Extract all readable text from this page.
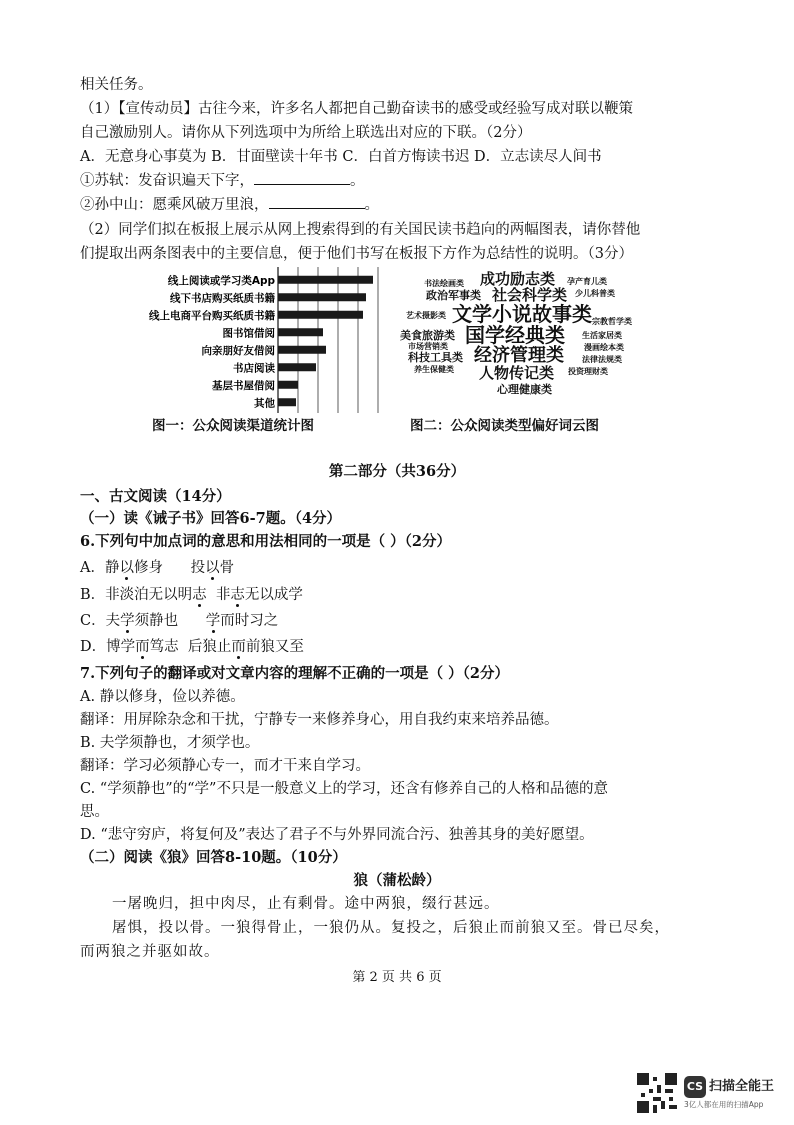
相关任务。
（1）【宣传动员】古往今来，许多名人都把自己勤奋读书的感受或经验写成对联以鞭策
自己激励别人。请你从下列选项中为所给上联选出对应的下联。（2分）
A．无意身心事莫为 B．甘面壁读十年书 C．白首方悔读书迟 D．立志读尽人间书
①苏轼：发奋识遍天下字，	。
②孙中山：愿乘风破万里浪，	。
（2）同学们拟在板报上展示从网上搜索得到的有关国民读书趋向的两幅图表，请你替他
们提取出两条图表中的主要信息，便于他们书写在板报下方作为总结性的说明。（3分）
线上阅读或学习类App
线下书店购买纸质书籍
线上电商平台购买纸质书籍
图书馆借阅
向亲朋好友借阅
书店阅读
基层书屋借阅
其他
图一：公众阅读渠道统计图
书法绘画类 成功励志类 孕产育儿类
政治军事类 社会科学类 少儿科普类
艺术摄影类 文学小说故事类
美食旅游类 国学经典类
宗教哲学类
市场营销类
生活家居类
科技工具类 经济管理类	漫画绘本类
法律法规类
养生保健类 人物传记类 投资理财类
心理健康类
图二：公众阅读类型偏好词云图
第二部分（共36分）
一、古文阅读（14分）
（一）读《诫子书》回答6-7题。（4分）
6.下列句中加点词的意思和用法相同的一项是（ ）（2分）
A．静以修身      投以骨
B．非淡泊无以明志  非志无以成学
C．夫学须静也      学而时习之
D．博学而笃志  后狼止而前狼又至
7.下列句子的翻译或对文章内容的理解不正确的一项是（ ）（2分）
A. 静以修身，俭以养德。
翻译：用屏除杂念和干扰，宁静专一来修养身心，用自我约束来培养品德。
B. 夫学须静也，才须学也。
翻译：学习必须静心专一，而才干来自学习。
C. “学须静也”的“学”不只是一般意义上的学习，还含有修养自己的人格和品德的意
思。
D. “悲守穷庐，将复何及”表达了君子不与外界同流合污、独善其身的美好愿望。
（二）阅读《狼》回答8-10题。（10分）
狼（蒲松龄）
一屠晚归，担中肉尽，止有剩骨。途中两狼，缀行甚远。
屠惧，投以骨。一狼得骨止，一狼仍从。复投之，后狼止而前狼又至。骨已尽矣，
而两狼之并驱如故。
第 2 页 共 6 页
CS 扫描全能王
3亿人都在用的扫描App
